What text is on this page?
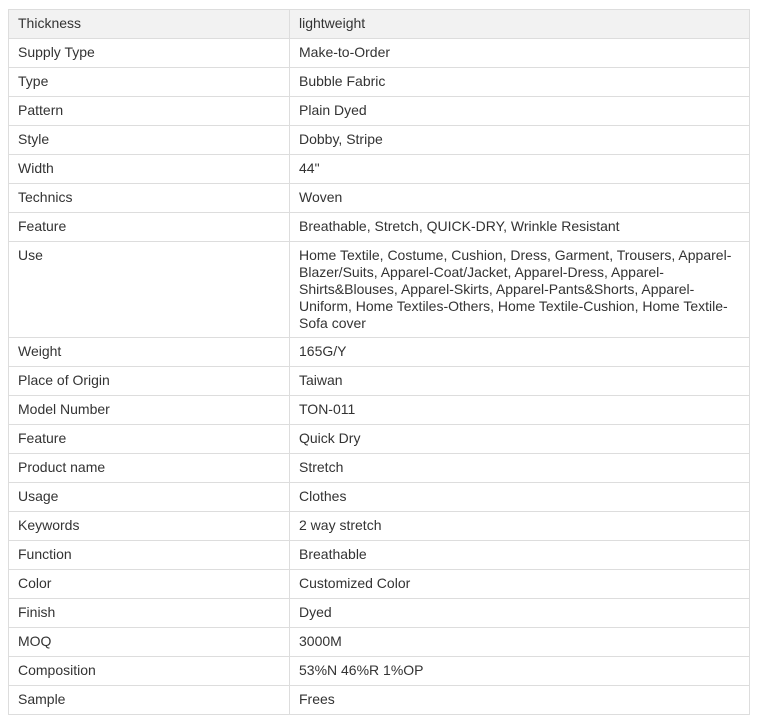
Thickness	lightweight
Supply Type	Make-to-Order
Type	Bubble Fabric
Pattern	Plain Dyed
Style	Dobby, Stripe
Width	44"
Technics	Woven
Feature	Breathable, Stretch, QUICK-DRY, Wrinkle Resistant
Use	Home Textile, Costume, Cushion, Dress, Garment, Trousers, Apparel-Blazer/Suits, Apparel-Coat/Jacket, Apparel-Dress, Apparel-Shirts&Blouses, Apparel-Skirts, Apparel-Pants&Shorts, Apparel-Uniform, Home Textiles-Others, Home Textile-Cushion, Home Textile-Sofa cover
Weight	165G/Y
Place of Origin	Taiwan
Model Number	TON-011
Feature	Quick Dry
Product name	Stretch
Usage	Clothes
Keywords	2 way stretch
Function	Breathable
Color	Customized Color
Finish	Dyed
MOQ	3000M
Composition	53%N 46%R 1%OP
Sample	Frees
